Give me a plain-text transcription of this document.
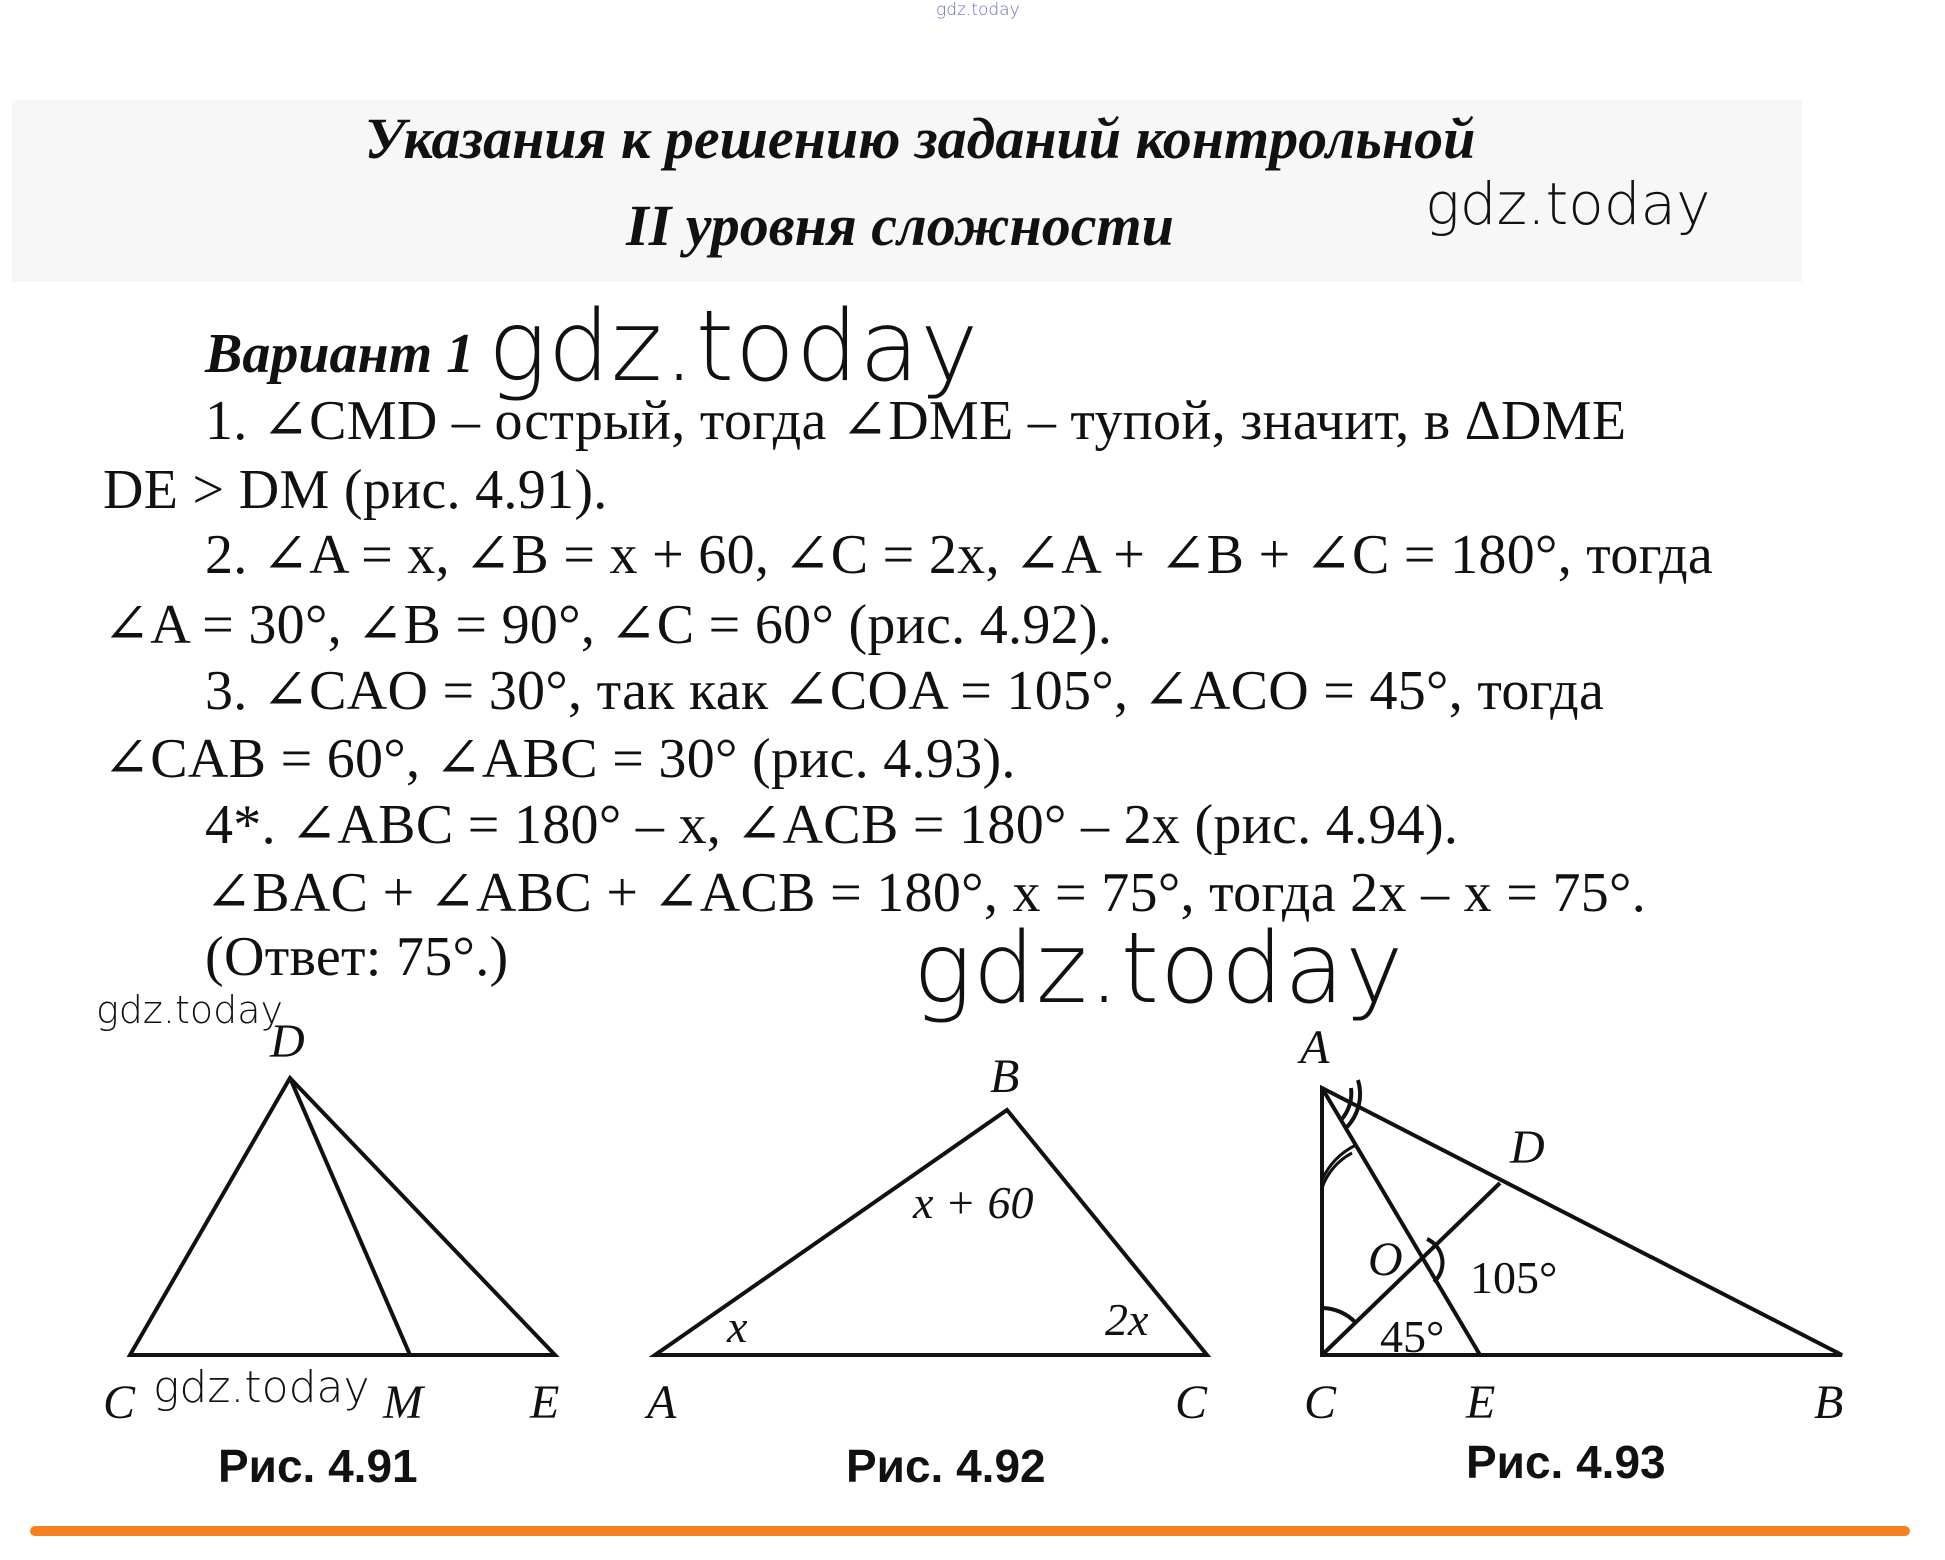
gdz.today
Указания к решению заданий контрольной
II уровня сложности	gdz.today
Вариант 1 gdz.today
1. ∠CMD – острый, тогда ∠DME – тупой, значит, в ΔDME
DE > DM (рис. 4.91).
2. ∠A = x, ∠B = x + 60, ∠C = 2x, ∠A + ∠B + ∠C = 180°, тогда
∠A = 30°, ∠B = 90°, ∠C = 60° (рис. 4.92).
3. ∠CAO = 30°, так как ∠COA = 105°, ∠ACO = 45°, тогда
∠CAB = 60°, ∠ABC = 30° (рис. 4.93).
4*. ∠ABC = 180° – x, ∠ACB = 180° – 2x (рис. 4.94).
∠BAC + ∠ABC + ∠ACB = 180°, x = 75°, тогда 2x – x = 75°.
(Ответ: 75°.)	gdz.today
gdz.today
D
C	M E
Рис. 4.91
B
A	C
x + 60
x	2x
Рис. 4.92
A
D
O
C	E	B
105°
45°
Рис. 4.93
gdz.today
